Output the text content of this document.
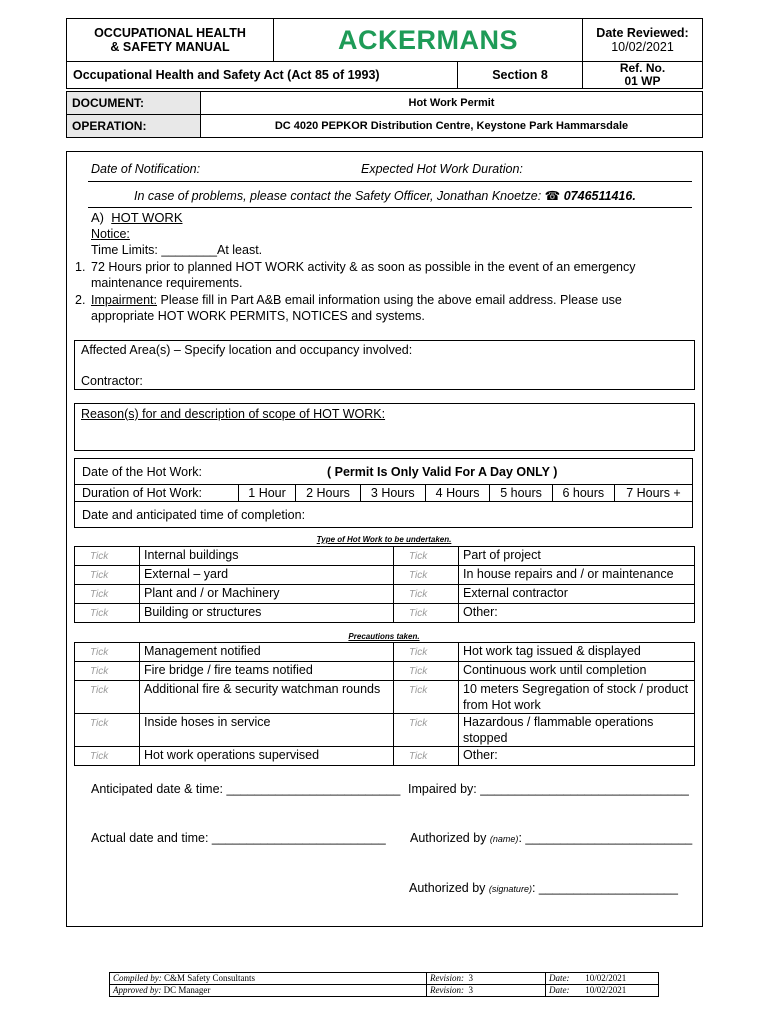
OCCUPATIONAL HEALTH
& SAFETY MANUAL	ACKERMANS	Date Reviewed:
10/02/2021
Occupational Health and Safety Act (Act 85 of 1993)	Section 8	Ref. No.
01 WP
DOCUMENT:	Hot Work Permit
OPERATION:	DC 4020 PEPKOR Distribution Centre, Keystone Park Hammarsdale
Date of Notification:	Expected Hot Work Duration:
In case of problems, please contact the Safety Officer, Jonathan Knoetze: ☎ 0746511416.
A) HOT WORK
Notice:
Time Limits: ________At least.
1. 72 Hours prior to planned HOT WORK activity & as soon as possible in the event of an emergency
maintenance requirements.
2. Impairment: Please fill in Part A&B email information using the above email address. Please use
appropriate HOT WORK PERMITS, NOTICES and systems.
Affected Area(s) – Specify location and occupancy involved:
Contractor:
Reason(s) for and description of scope of HOT WORK:
Date of the Hot Work:	( Permit Is Only Valid For A Day ONLY )
Duration of Hot Work:	1 Hour	2 Hours	3 Hours	4 Hours	5 hours	6 hours	7 Hours +
Date and anticipated time of completion:
Type of Hot Work to be undertaken.
Tick	Internal buildings	Tick	Part of project
Tick	External – yard	Tick	In house repairs and / or maintenance
Tick	Plant and / or Machinery	Tick	External contractor
Tick	Building or structures	Tick	Other:
Precautions taken.
Tick	Management notified	Tick	Hot work tag issued & displayed
Tick	Fire bridge / fire teams notified	Tick	Continuous work until completion
Tick	Additional fire & security watchman rounds	Tick	10 meters Segregation of stock / product from Hot work
Tick	Inside hoses in service	Tick	Hazardous / flammable operations stopped
Tick	Hot work operations supervised	Tick	Other:
Anticipated date & time: _________________________ Impaired by: ______________________________
Actual date and time: _________________________ Authorized by (name): ________________________
Authorized by (signature): ____________________
Compiled by: C&M Safety Consultants	Revision: 3	Date: 10/02/2021
Approved by: DC Manager	Revision: 3	Date: 10/02/2021
